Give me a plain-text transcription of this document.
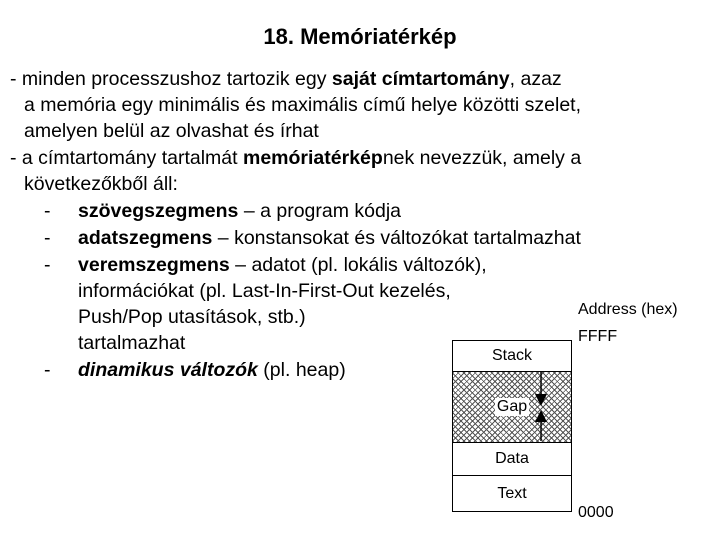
18. Memóriatérkép
- minden processzushoz tartozik egy saját címtartomány, azaz
a memória egy minimális és maximális című helye közötti szelet,
amelyen belül az olvashat és írhat
- a címtartomány tartalmát memóriatérképnek nevezzük, amely a
következőkből áll:
- szövegszegmens – a program kódja
- adatszegmens – konstansokat és változókat tartalmazhat
- veremszegmens – adatot (pl. lokális változók),
információkat (pl. Last-In-First-Out kezelés,
Push/Pop utasítások, stb.)
tartalmazhat
- dinamikus változók (pl. heap)
Address (hex)
FFFF
0000
Stack
Gap
Data
Text
